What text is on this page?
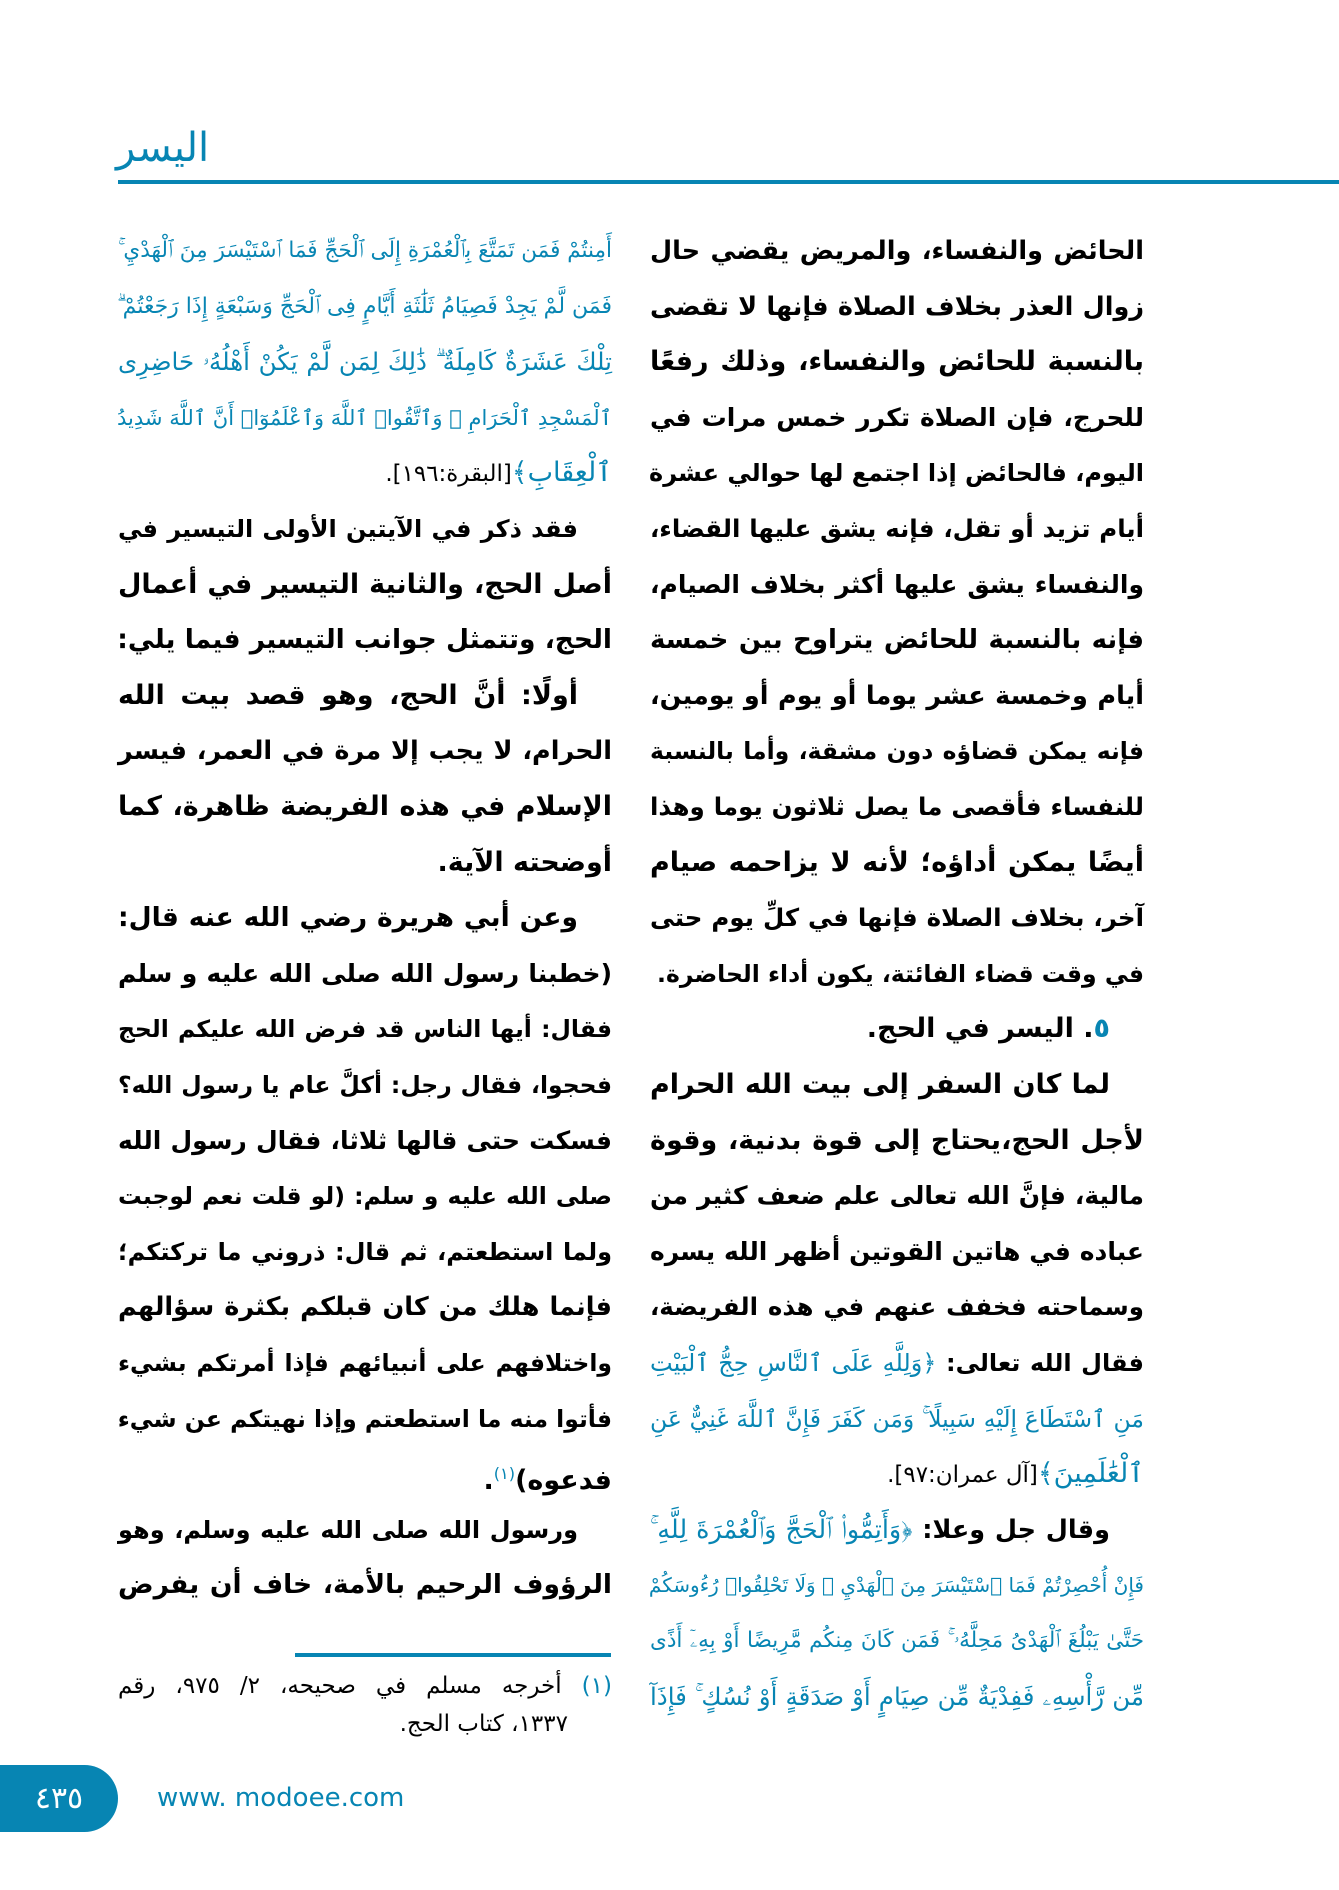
اليسر
الحائض والنفساء، والمريض يقضي حال
زوال العذر بخلاف الصلاة فإنها لا تقضى
بالنسبة للحائض والنفساء، وذلك رفعًا
للحرج، فإن الصلاة تكرر خمس مرات في
اليوم، فالحائض إذا اجتمع لها حوالي عشرة
أيام تزيد أو تقل، فإنه يشق عليها القضاء،
والنفساء يشق عليها أكثر بخلاف الصيام،
فإنه بالنسبة للحائض يتراوح بين خمسة
أيام وخمسة عشر يوما أو يوم أو يومين،
فإنه يمكن قضاؤه دون مشقة، وأما بالنسبة
للنفساء فأقصى ما يصل ثلاثون يوما وهذا
أيضًا يمكن أداؤه؛ لأنه لا يزاحمه صيام
آخر، بخلاف الصلاة فإنها في كلِّ يوم حتى
في وقت قضاء الفائتة، يكون أداء الحاضرة.
٥. اليسر في الحج.
لما كان السفر إلى بيت الله الحرام
لأجل الحج،يحتاج إلى قوة بدنية، وقوة
مالية، فإنَّ الله تعالى علم ضعف كثير من
عباده في هاتين القوتين أظهر الله يسره
وسماحته فخفف عنهم في هذه الفريضة،
فقال الله تعالى: ﴿وَلِلَّهِ عَلَى ٱلنَّاسِ حِجُّ ٱلْبَيْتِ
مَنِ ٱسْتَطَاعَ إِلَيْهِ سَبِيلًا ۚ وَمَن كَفَرَ فَإِنَّ ٱللَّهَ غَنِيٌّ عَنِ
ٱلْعَٰلَمِينَ﴾[آل عمران:٩٧].
وقال جل وعلا: ﴿وَأَتِمُّوا۟ ٱلْحَجَّ وَٱلْعُمْرَةَ لِلَّهِ ۚ
فَإِنْ أُحْصِرْتُمْ فَمَا ٱسْتَيْسَرَ مِنَ ٱلْهَدْيِ ۖ وَلَا تَحْلِقُوا۟ رُءُوسَكُمْ
حَتَّىٰ يَبْلُغَ ٱلْهَدْىُ مَحِلَّهُۥ ۚ فَمَن كَانَ مِنكُم مَّرِيضًا أَوْ بِهِۦٓ أَذًى
مِّن رَّأْسِهِۦ فَفِدْيَةٌ مِّن صِيَامٍ أَوْ صَدَقَةٍ أَوْ نُسُكٍ ۚ فَإِذَآ
أَمِنتُمْ فَمَن تَمَتَّعَ بِٱلْعُمْرَةِ إِلَى ٱلْحَجِّ فَمَا ٱسْتَيْسَرَ مِنَ ٱلْهَدْيِ ۚ
فَمَن لَّمْ يَجِدْ فَصِيَامُ ثَلَٰثَةِ أَيَّامٍ فِى ٱلْحَجِّ وَسَبْعَةٍ إِذَا رَجَعْتُمْ ۗ
تِلْكَ عَشَرَةٌ كَامِلَةٌ ۗ ذَٰلِكَ لِمَن لَّمْ يَكُنْ أَهْلُهُۥ حَاضِرِى
ٱلْمَسْجِدِ ٱلْحَرَامِ ۚ وَٱتَّقُوا۟ ٱللَّهَ وَٱعْلَمُوٓا۟ أَنَّ ٱللَّهَ شَدِيدُ
ٱلْعِقَابِ﴾[البقرة:١٩٦].
فقد ذكر في الآيتين الأولى التيسير في
أصل الحج، والثانية التيسير في أعمال
الحج، وتتمثل جوانب التيسير فيما يلي:
أولًا: أنَّ الحج، وهو قصد بيت الله
الحرام، لا يجب إلا مرة في العمر، فيسر
الإسلام في هذه الفريضة ظاهرة، كما
أوضحته الآية.
وعن أبي هريرة رضي الله عنه قال:
(خطبنا رسول الله صلى الله عليه و سلم
فقال: أيها الناس قد فرض الله عليكم الحج
فحجوا، فقال رجل: أكلَّ عام يا رسول الله؟
فسكت حتى قالها ثلاثا، فقال رسول الله
صلى الله عليه و سلم: (لو قلت نعم لوجبت
ولما استطعتم، ثم قال: ذروني ما تركتكم؛
فإنما هلك من كان قبلكم بكثرة سؤالهم
واختلافهم على أنبيائهم فإذا أمرتكم بشيء
فأتوا منه ما استطعتم وإذا نهيتكم عن شيء
فدعوه)$^{(١)}$.
ورسول الله صلى الله عليه وسلم، وهو
الرؤوف الرحيم بالأمة، خاف أن يفرض
(١) أخرجه مسلم في صحيحه، ٢/ ٩٧٥، رقم
١٣٣٧، كتاب الحج.
٤٣٥	www. modoee.com
